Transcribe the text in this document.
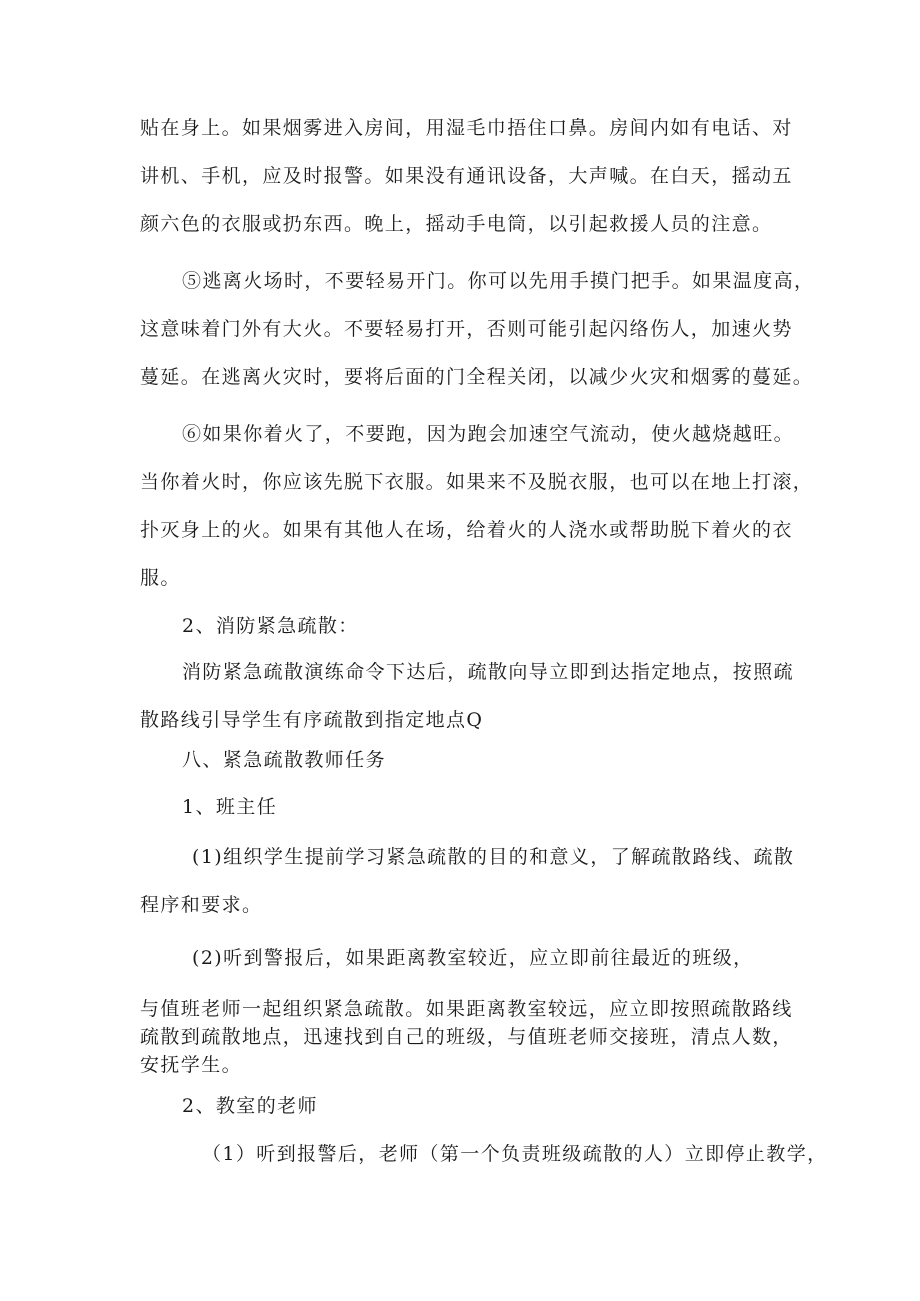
贴在身上。如果烟雾进入房间，用湿毛巾捂住口鼻。房间内如有电话、对
讲机、手机，应及时报警。如果没有通讯设备，大声喊。在白天，摇动五
颜六色的衣服或扔东西。晚上，摇动手电筒，以引起救援人员的注意。

⑤逃离火场时，不要轻易开门。你可以先用手摸门把手。如果温度高，
这意味着门外有大火。不要轻易打开，否则可能引起闪络伤人，加速火势
蔓延。在逃离火灾时，要将后面的门全程关闭，以减少火灾和烟雾的蔓延。

⑥如果你着火了，不要跑，因为跑会加速空气流动，使火越烧越旺。
当你着火时，你应该先脱下衣服。如果来不及脱衣服，也可以在地上打滚，
扑灭身上的火。如果有其他人在场，给着火的人浇水或帮助脱下着火的衣
服。

2、消防紧急疏散：

消防紧急疏散演练命令下达后，疏散向导立即到达指定地点，按照疏
散路线引导学生有序疏散到指定地点Q

八、紧急疏散教师任务

1、班主任

(1)组织学生提前学习紧急疏散的目的和意义，了解疏散路线、疏散
程序和要求。

(2)听到警报后，如果距离教室较近，应立即前往最近的班级，

与值班老师一起组织紧急疏散。如果距离教室较远，应立即按照疏散路线
疏散到疏散地点，迅速找到自己的班级，与值班老师交接班，清点人数，
安抚学生。

2、教室的老师

（1）听到报警后，老师（第一个负责班级疏散的人）立即停止教学，
